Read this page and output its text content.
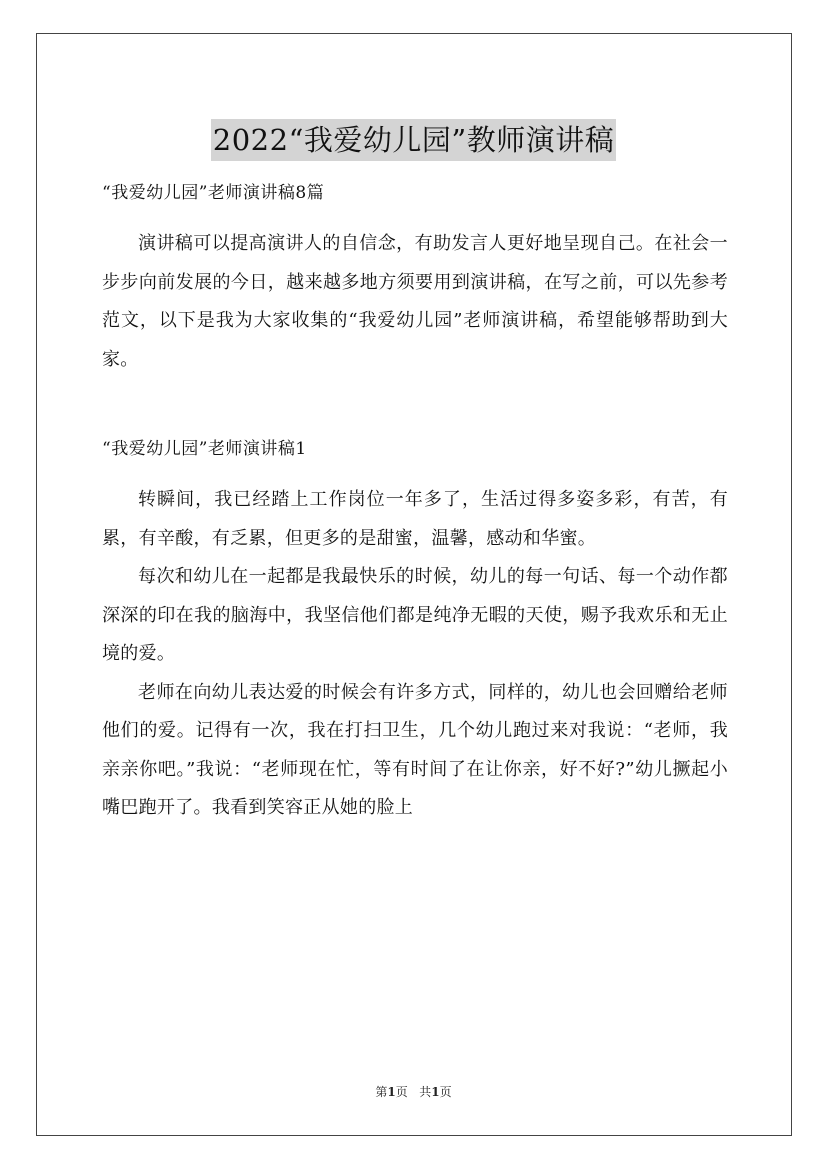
2022“我爱幼儿园”教师演讲稿

“我爱幼儿园”老师演讲稿8篇

演讲稿可以提高演讲人的自信念，有助发言人更好地呈现自己。在社会一步步向前发展的今日，越来越多地方须要用到演讲稿，在写之前，可以先参考范文，以下是我为大家收集的“我爱幼儿园”老师演讲稿，希望能够帮助到大家。

“我爱幼儿园”老师演讲稿1

转瞬间，我已经踏上工作岗位一年多了，生活过得多姿多彩，有苦，有累，有辛酸，有乏累，但更多的是甜蜜，温馨，感动和华蜜。

每次和幼儿在一起都是我最快乐的时候，幼儿的每一句话、每一个动作都深深的印在我的脑海中，我坚信他们都是纯净无暇的天使，赐予我欢乐和无止境的爱。

老师在向幼儿表达爱的时候会有许多方式，同样的，幼儿也会回赠给老师他们的爱。记得有一次，我在打扫卫生，几个幼儿跑过来对我说：“老师，我亲亲你吧。”我说：“老师现在忙，等有时间了在让你亲，好不好?”幼儿撅起小嘴巴跑开了。我看到笑容正从她的脸上

第1页 共1页
